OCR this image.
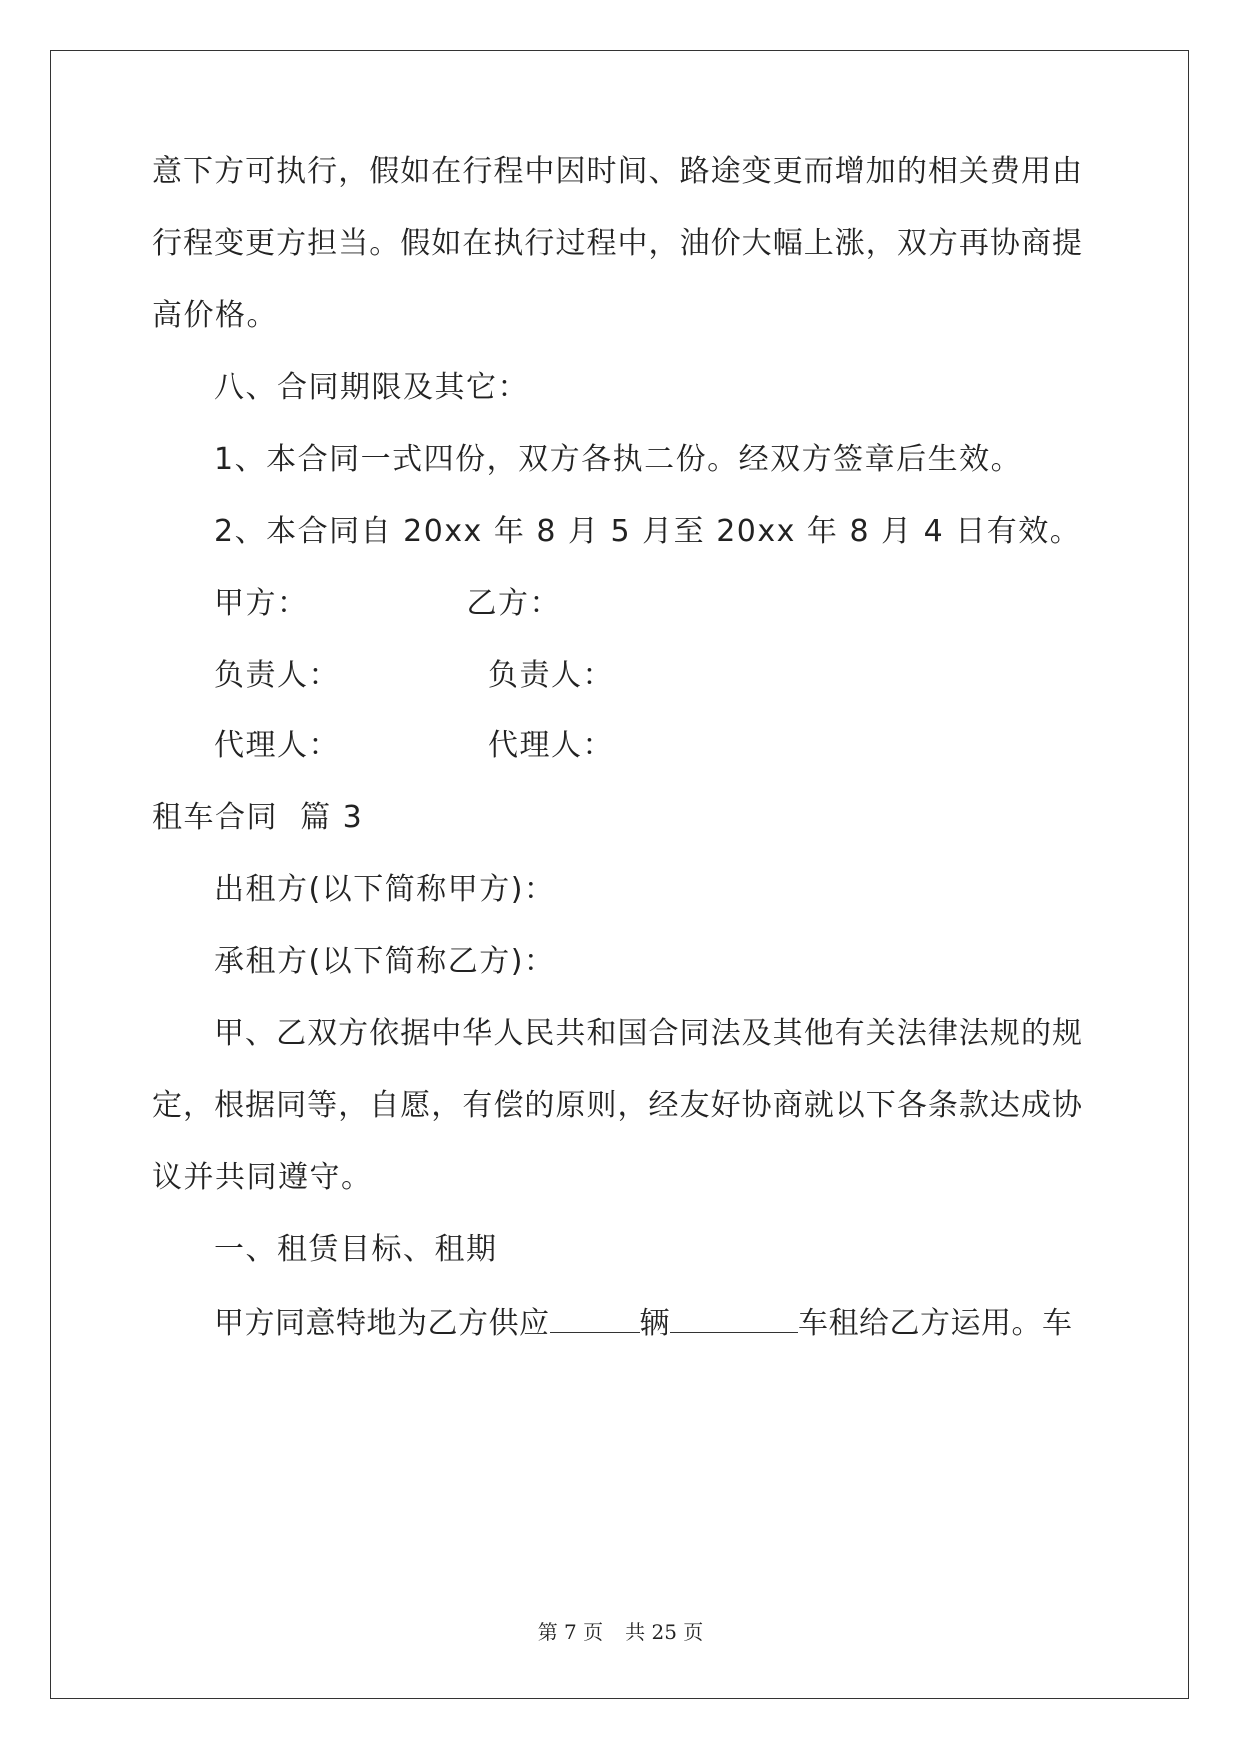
意下方可执行，假如在行程中因时间、路途变更而增加的相关费用由
行程变更方担当。假如在执行过程中，油价大幅上涨，双方再协商提
高价格。
八、合同期限及其它：
1、本合同一式四份，双方各执二份。经双方签章后生效。
2、本合同自 20xx 年 8 月 5 月至 20xx 年 8 月 4 日有效。
甲方：	乙方：
负责人：	负责人：
代理人：	代理人：
租车合同  篇 3
出租方(以下简称甲方)：
承租方(以下简称乙方)：
甲、乙双方依据中华人民共和国合同法及其他有关法律法规的规
定，根据同等，自愿，有偿的原则，经友好协商就以下各条款达成协
议并共同遵守。
一、租赁目标、租期
甲方同意特地为乙方供应	辆	车租给乙方运用。车
第 7 页 共 25 页
